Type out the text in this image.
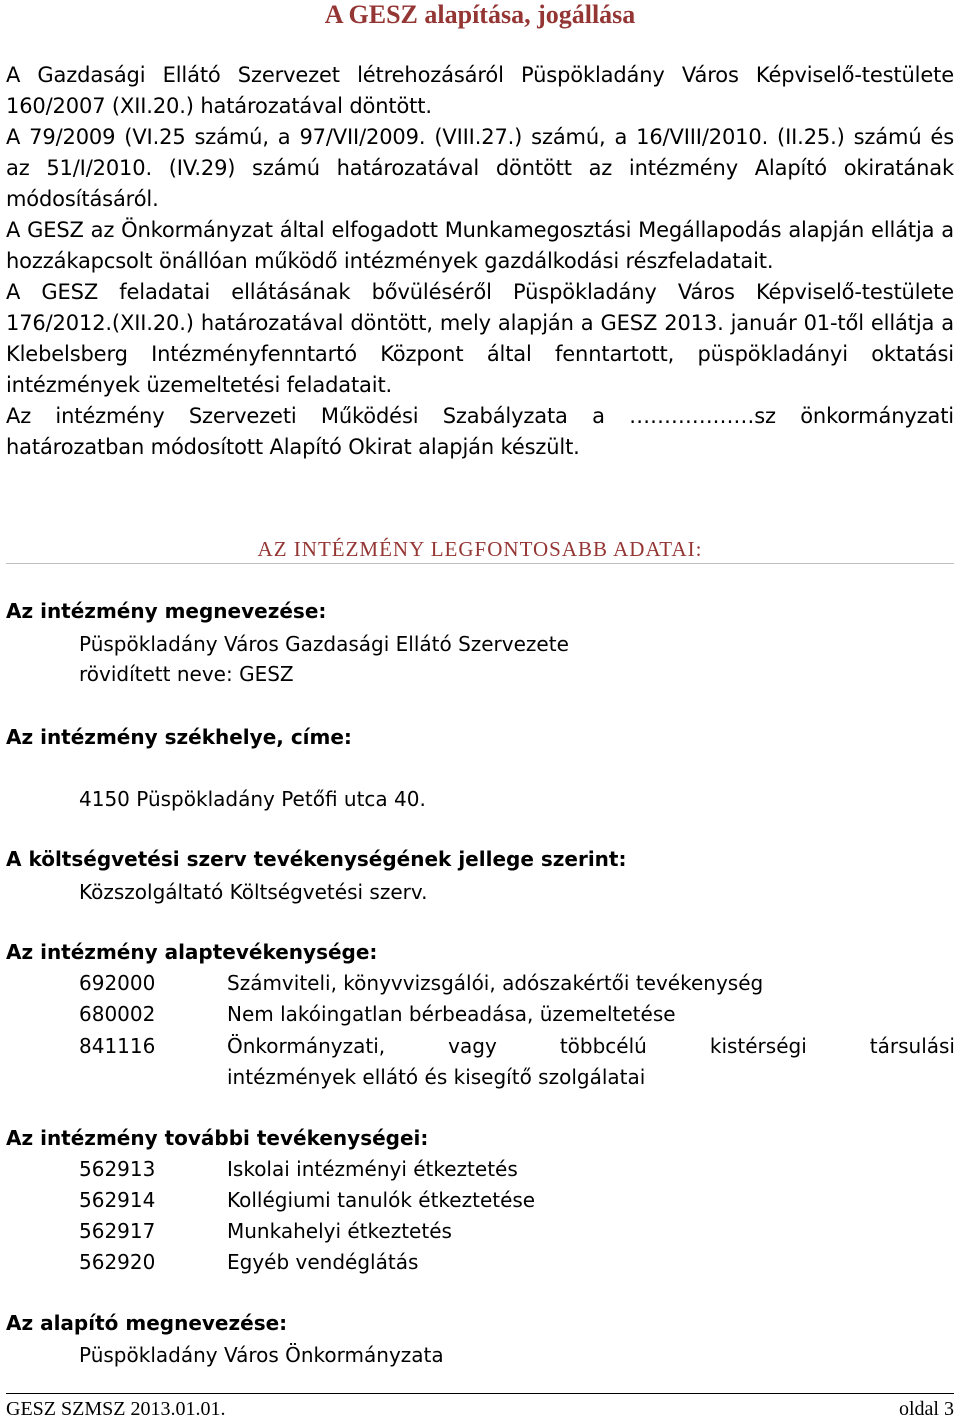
A GESZ alapítása, jogállása

A Gazdasági Ellátó Szervezet létrehozásáról Püspökladány Város Képviselő-testülete 160/2007 (XII.20.) határozatával döntött.

A 79/2009 (VI.25 számú, a 97/VII/2009. (VIII.27.) számú, a 16/VIII/2010. (II.25.) számú és az 51/I/2010. (IV.29) számú határozatával döntött az intézmény Alapító okiratának módosításáról.

A GESZ az Önkormányzat által elfogadott Munkamegosztási Megállapodás alapján ellátja a hozzákapcsolt önállóan működő intézmények gazdálkodási részfeladatait.

A GESZ feladatai ellátásának bővüléséről Püspökladány Város Képviselő-testülete 176/2012.(XII.20.) határozatával döntött, mely alapján a GESZ 2013. január 01-től ellátja a Klebelsberg Intézményfenntartó Központ által fenntartott, püspökladányi oktatási intézmények üzemeltetési feladatait.

Az intézmény Szervezeti Működési Szabályzata a ………………sz önkormányzati határozatban módosított Alapító Okirat alapján készült.

AZ INTÉZMÉNY LEGFONTOSABB ADATAI:
Az intézmény megnevezése:
Püspökladány Város Gazdasági Ellátó Szervezete
rövidített neve: GESZ
Az intézmény székhelye, címe:
4150 Püspökladány Petőfi utca 40.
A költségvetési szerv tevékenységének jellege szerint:
Közszolgáltató Költségvetési szerv.
Az intézmény alaptevékenysége:
692000	Számviteli, könyvvizsgálói, adószakértői tevékenység
680002	Nem lakóingatlan bérbeadása, üzemeltetése
841116	Önkormányzati, vagy többcélú kistérségi társulási
intézmények ellátó és kisegítő szolgálatai
Az intézmény további tevékenységei:
562913	Iskolai intézményi étkeztetés
562914	Kollégiumi tanulók étkeztetése
562917	Munkahelyi étkeztetés
562920	Egyéb vendéglátás
Az alapító megnevezése:
Püspökladány Város Önkormányzata
GESZ SZMSZ 2013.01.01.	oldal 3
